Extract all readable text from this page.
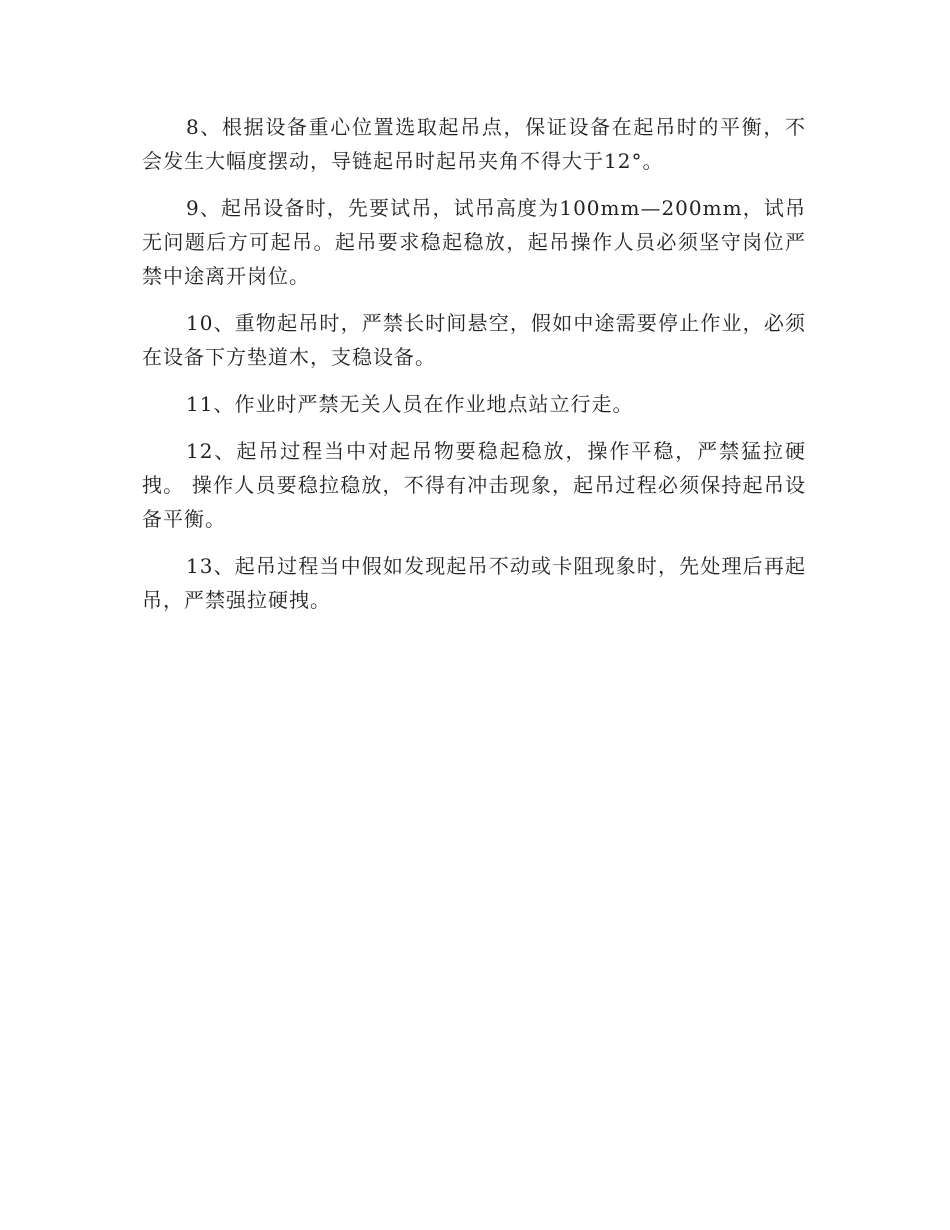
8、根据设备重心位置选取起吊点，保证设备在起吊时的平衡，不会发生大幅度摆动，导链起吊时起吊夹角不得大于12°。

9、起吊设备时，先要试吊，试吊高度为100mm—200mm，试吊无问题后方可起吊。起吊要求稳起稳放，起吊操作人员必须坚守岗位严禁中途离开岗位。

10、重物起吊时，严禁长时间悬空，假如中途需要停止作业，必须在设备下方垫道木，支稳设备。

11、作业时严禁无关人员在作业地点站立行走。

12、起吊过程当中对起吊物要稳起稳放，操作平稳，严禁猛拉硬拽。 操作人员要稳拉稳放，不得有冲击现象，起吊过程必须保持起吊设备平衡。

13、起吊过程当中假如发现起吊不动或卡阻现象时，先处理后再起吊，严禁强拉硬拽。
